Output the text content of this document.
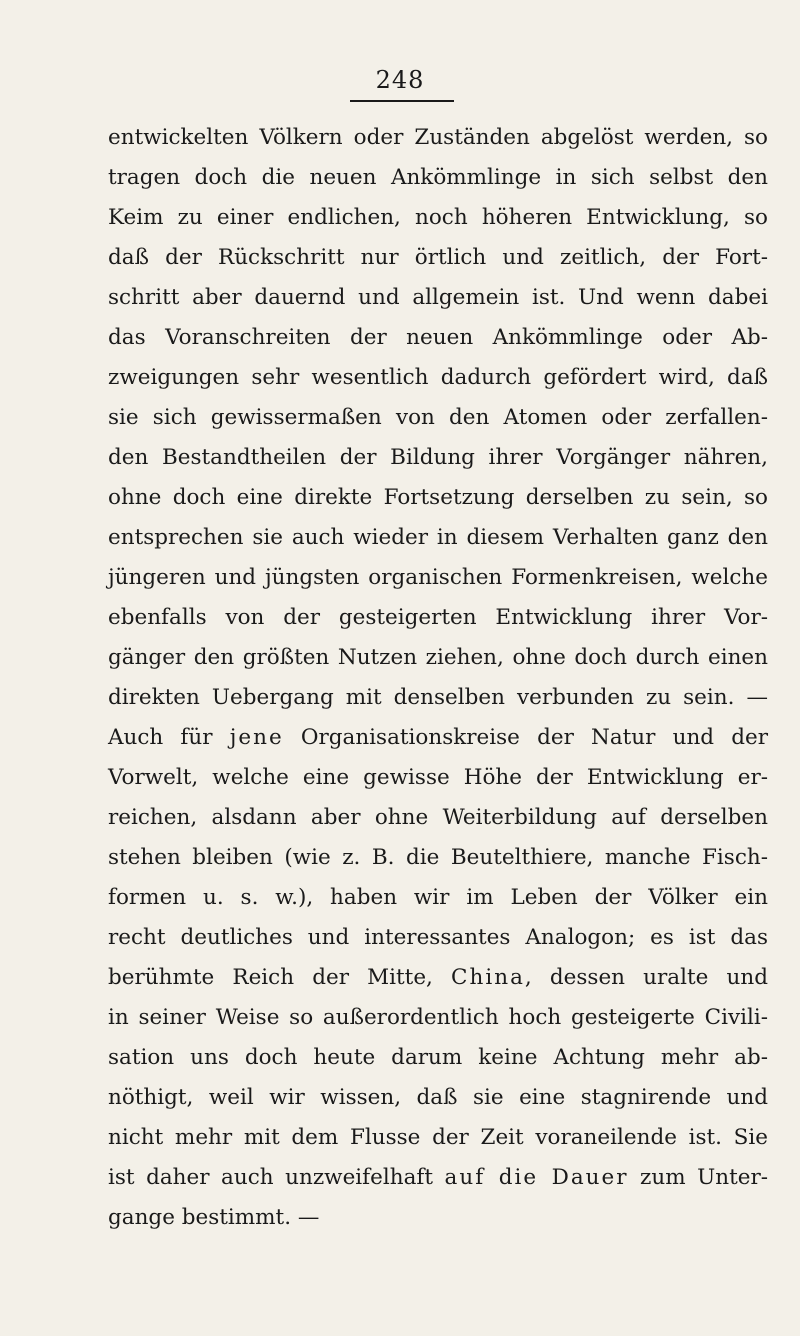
248
entwickelten Völkern oder Zuständen abgelöst werden, so
tragen doch die neuen Ankömmlinge in sich selbst den
Keim zu einer endlichen, noch höheren Entwicklung, so
daß der Rückschritt nur örtlich und zeitlich, der Fort-
schritt aber dauernd und allgemein ist. Und wenn dabei
das Voranschreiten der neuen Ankömmlinge oder Ab-
zweigungen sehr wesentlich dadurch gefördert wird, daß
sie sich gewissermaßen von den Atomen oder zerfallen-
den Bestandtheilen der Bildung ihrer Vorgänger nähren,
ohne doch eine direkte Fortsetzung derselben zu sein, so
entsprechen sie auch wieder in diesem Verhalten ganz den
jüngeren und jüngsten organischen Formenkreisen, welche
ebenfalls von der gesteigerten Entwicklung ihrer Vor-
gänger den größten Nutzen ziehen, ohne doch durch einen
direkten Uebergang mit denselben verbunden zu sein. —
Auch für jene Organisationskreise der Natur und der
Vorwelt, welche eine gewisse Höhe der Entwicklung er-
reichen, alsdann aber ohne Weiterbildung auf derselben
stehen bleiben (wie z. B. die Beutelthiere, manche Fisch-
formen u. s. w.), haben wir im Leben der Völker ein
recht deutliches und interessantes Analogon; es ist das
berühmte Reich der Mitte, China, dessen uralte und
in seiner Weise so außerordentlich hoch gesteigerte Civili-
sation uns doch heute darum keine Achtung mehr ab-
nöthigt, weil wir wissen, daß sie eine stagnirende und
nicht mehr mit dem Flusse der Zeit voraneilende ist. Sie
ist daher auch unzweifelhaft auf die Dauer zum Unter-
gange bestimmt. —
